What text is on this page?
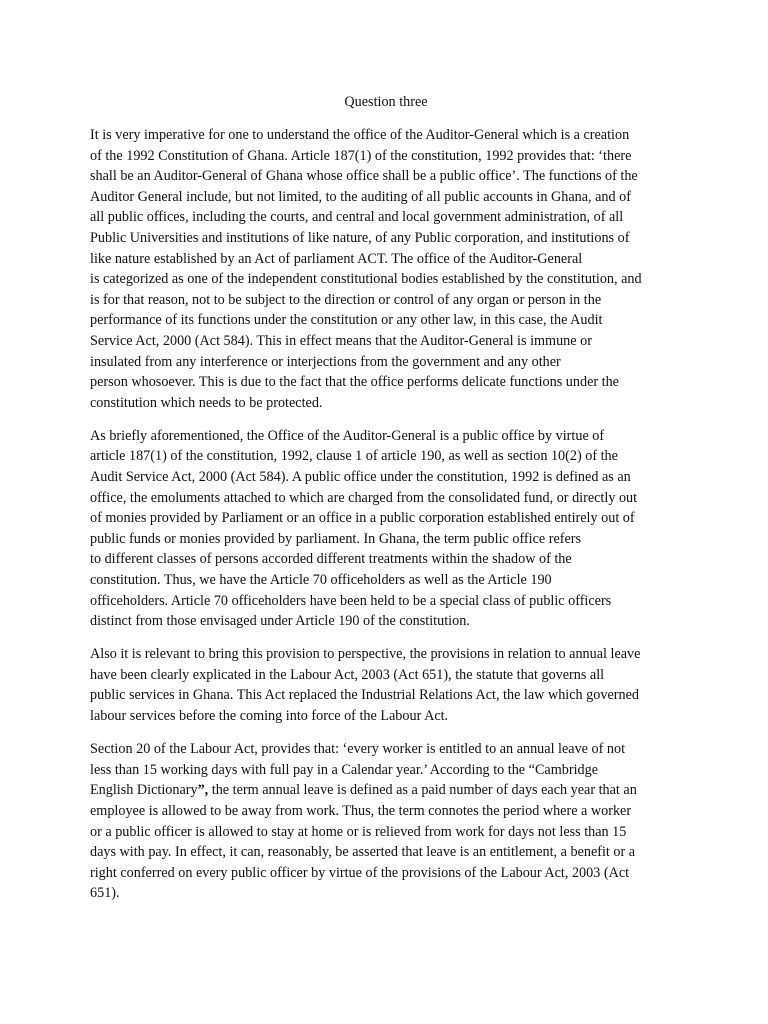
Question three
It is very imperative for one to understand the office of the Auditor-General which is a creation
of the 1992 Constitution of Ghana. Article 187(1) of the constitution, 1992 provides that: ‘there
shall be an Auditor-General of Ghana whose office shall be a public office’. The functions of the
Auditor General include, but not limited, to the auditing of all public accounts in Ghana, and of
all public offices, including the courts, and central and local government administration, of all
Public Universities and institutions of like nature, of any Public corporation, and institutions of
like nature established by an Act of parliament ACT. The office of the Auditor-General
is categorized as one of the independent constitutional bodies established by the constitution, and
is for that reason, not to be subject to the direction or control of any organ or person in the
performance of its functions under the constitution or any other law, in this case, the Audit
Service Act, 2000 (Act 584). This in effect means that the Auditor-General is immune or
insulated from any interference or interjections from the government and any other
person whosoever. This is due to the fact that the office performs delicate functions under the
constitution which needs to be protected.
As briefly aforementioned, the Office of the Auditor-General is a public office by virtue of
article 187(1) of the constitution, 1992, clause 1 of article 190, as well as section 10(2) of the
Audit Service Act, 2000 (Act 584). A public office under the constitution, 1992 is defined as an
office, the emoluments attached to which are charged from the consolidated fund, or directly out
of monies provided by Parliament or an office in a public corporation established entirely out of
public funds or monies provided by parliament. In Ghana, the term public office refers
to different classes of persons accorded different treatments within the shadow of the
constitution. Thus, we have the Article 70 officeholders as well as the Article 190
officeholders. Article 70 officeholders have been held to be a special class of public officers
distinct from those envisaged under Article 190 of the constitution.
Also it is relevant to bring this provision to perspective, the provisions in relation to annual leave
have been clearly explicated in the Labour Act, 2003 (Act 651), the statute that governs all
public services in Ghana. This Act replaced the Industrial Relations Act, the law which governed
labour services before the coming into force of the Labour Act.
Section 20 of the Labour Act, provides that: ‘every worker is entitled to an annual leave of not
less than 15 working days with full pay in a Calendar year.’ According to the “Cambridge
English Dictionary”, the term annual leave is defined as a paid number of days each year that an
employee is allowed to be away from work. Thus, the term connotes the period where a worker
or a public officer is allowed to stay at home or is relieved from work for days not less than 15
days with pay. In effect, it can, reasonably, be asserted that leave is an entitlement, a benefit or a
right conferred on every public officer by virtue of the provisions of the Labour Act, 2003 (Act
651).
